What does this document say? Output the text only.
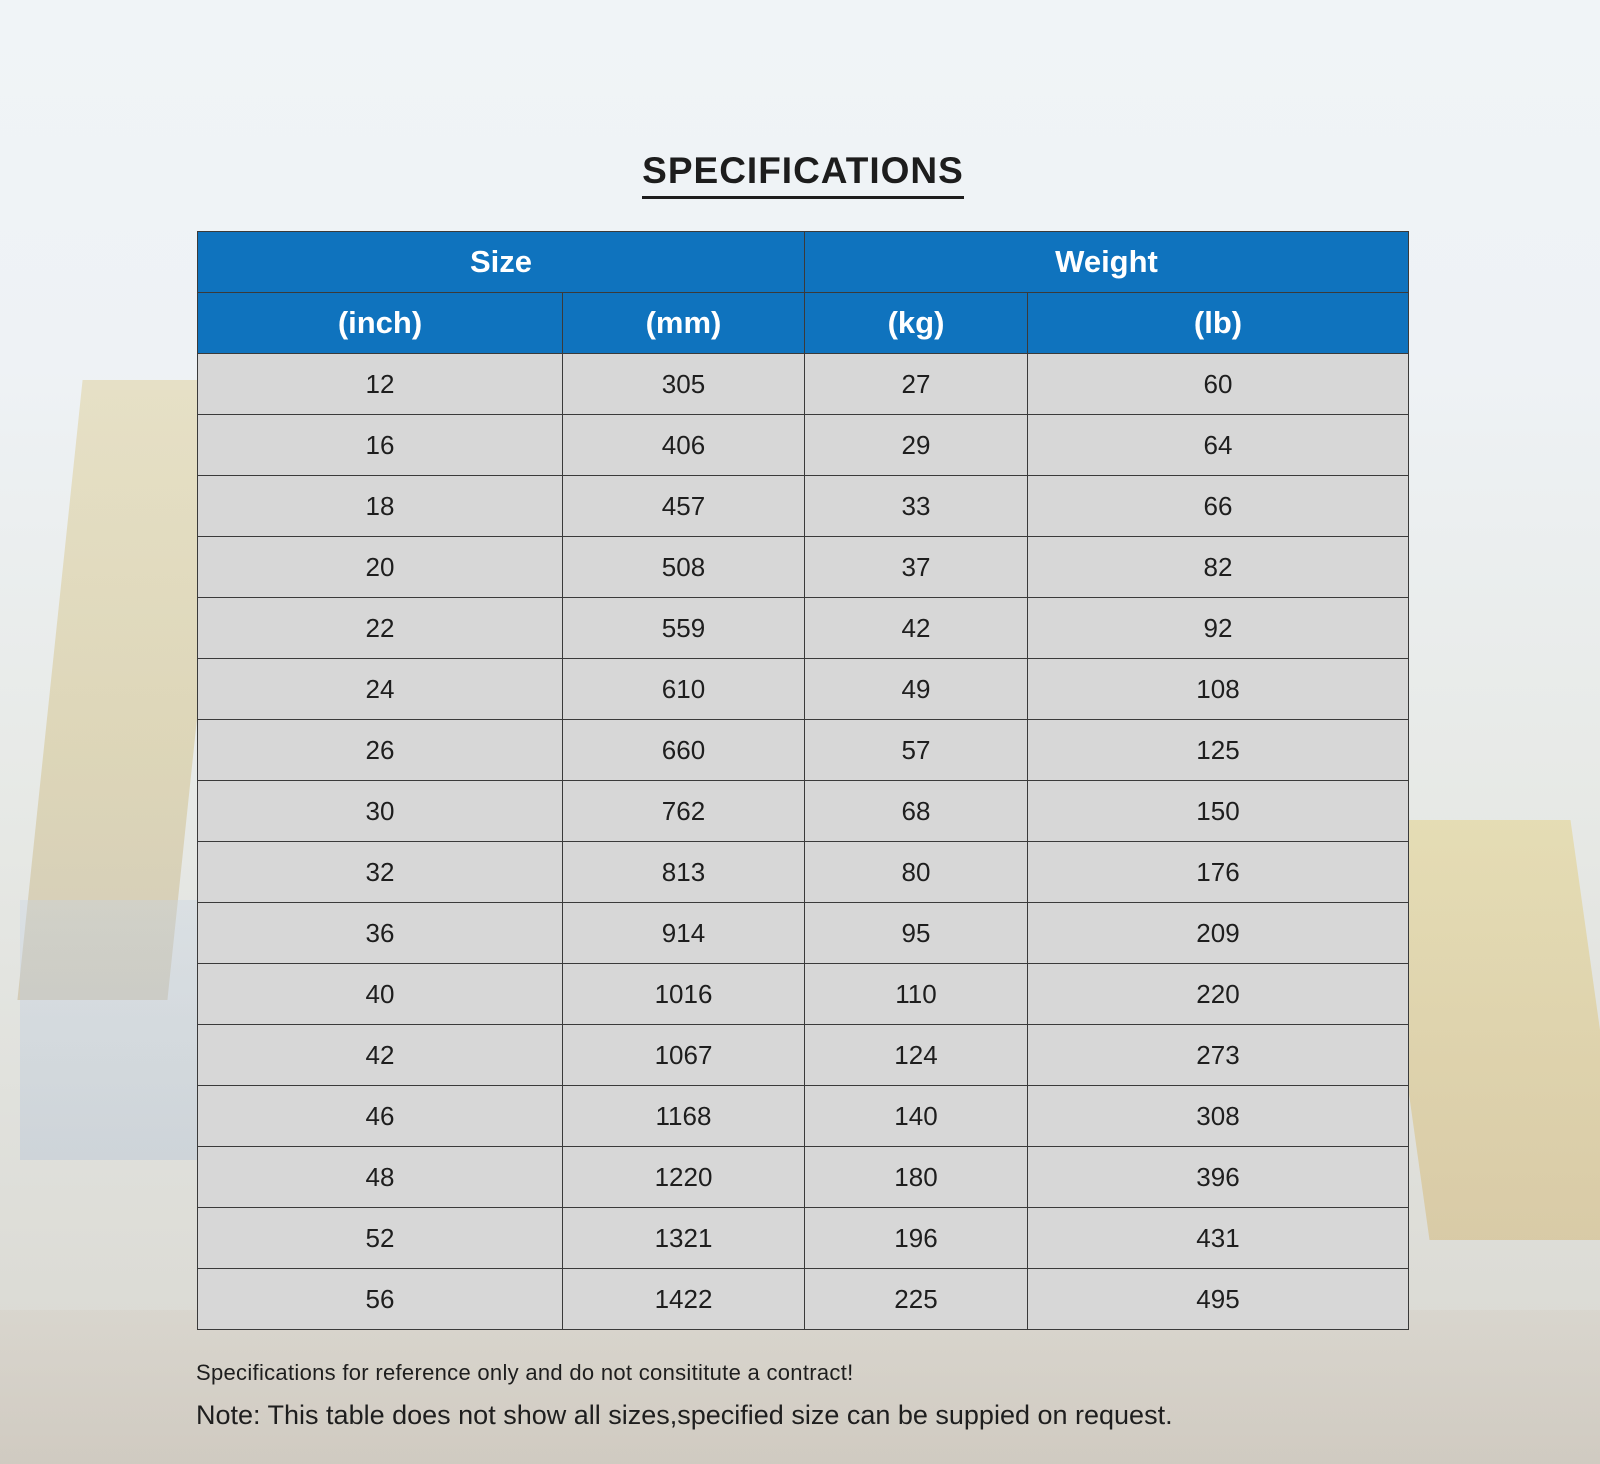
SPECIFICATIONS
Size		Weight	
(inch)	(mm)	(kg)	(lb)
12	305	27	60
16	406	29	64
18	457	33	66
20	508	37	82
22	559	42	92
24	610	49	108
26	660	57	125
30	762	68	150
32	813	80	176
36	914	95	209
40	1016	110	220
42	1067	124	273
46	1168	140	308
48	1220	180	396
52	1321	196	431
56	1422	225	495
Specifications for reference only and do not consititute a contract!
Note: This table does not show all sizes,specified size can be suppied on request.
